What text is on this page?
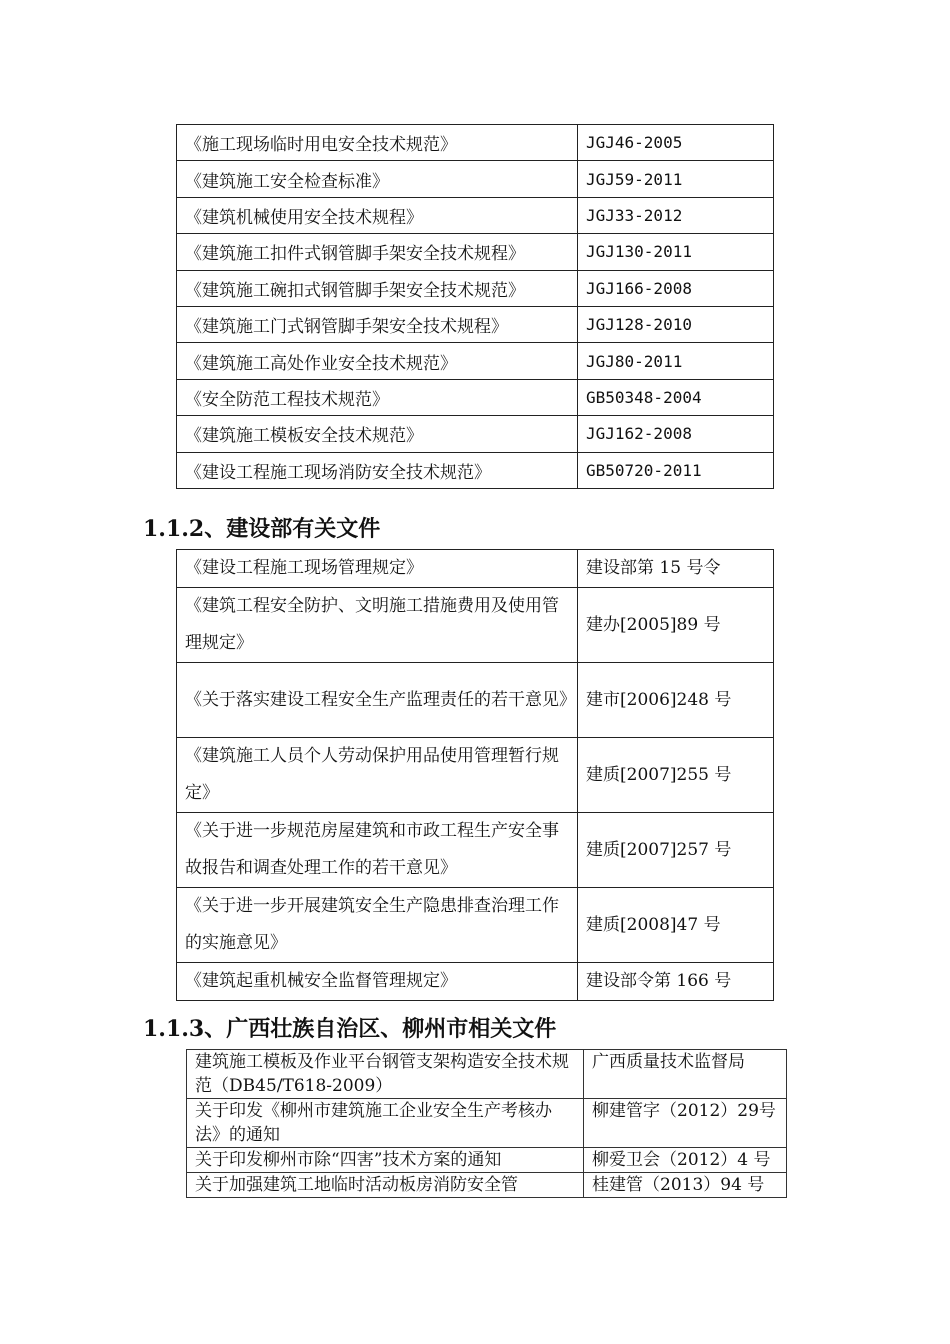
《施工现场临时用电安全技术规范》	JGJ46-2005
《建筑施工安全检查标准》	JGJ59-2011
《建筑机械使用安全技术规程》	JGJ33-2012
《建筑施工扣件式钢管脚手架安全技术规程》	JGJ130-2011
《建筑施工碗扣式钢管脚手架安全技术规范》	JGJ166-2008
《建筑施工门式钢管脚手架安全技术规程》	JGJ128-2010
《建筑施工高处作业安全技术规范》	JGJ80-2011
《安全防范工程技术规范》	GB50348-2004
《建筑施工模板安全技术规范》	JGJ162-2008
《建设工程施工现场消防安全技术规范》	GB50720-2011
1.1.2、建设部有关文件
《建设工程施工现场管理规定》	建设部第 15 号令
《建筑工程安全防护、文明施工措施费用及使用管理规定》	建办[2005]89 号
《关于落实建设工程安全生产监理责任的若干意见》	建市[2006]248 号
《建筑施工人员个人劳动保护用品使用管理暂行规定》	建质[2007]255 号
《关于进一步规范房屋建筑和市政工程生产安全事故报告和调查处理工作的若干意见》	建质[2007]257 号
《关于进一步开展建筑安全生产隐患排查治理工作的实施意见》	建质[2008]47 号
《建筑起重机械安全监督管理规定》	建设部令第 166 号
1.1.3、广西壮族自治区、柳州市相关文件
建筑施工模板及作业平台钢管支架构造安全技术规范（DB45/T618-2009）	广西质量技术监督局
关于印发《柳州市建筑施工企业安全生产考核办法》的通知	柳建管字（2012）29号
关于印发柳州市除“四害”技术方案的通知	柳爱卫会（2012）4 号
关于加强建筑工地临时活动板房消防安全管	桂建管（2013）94 号
